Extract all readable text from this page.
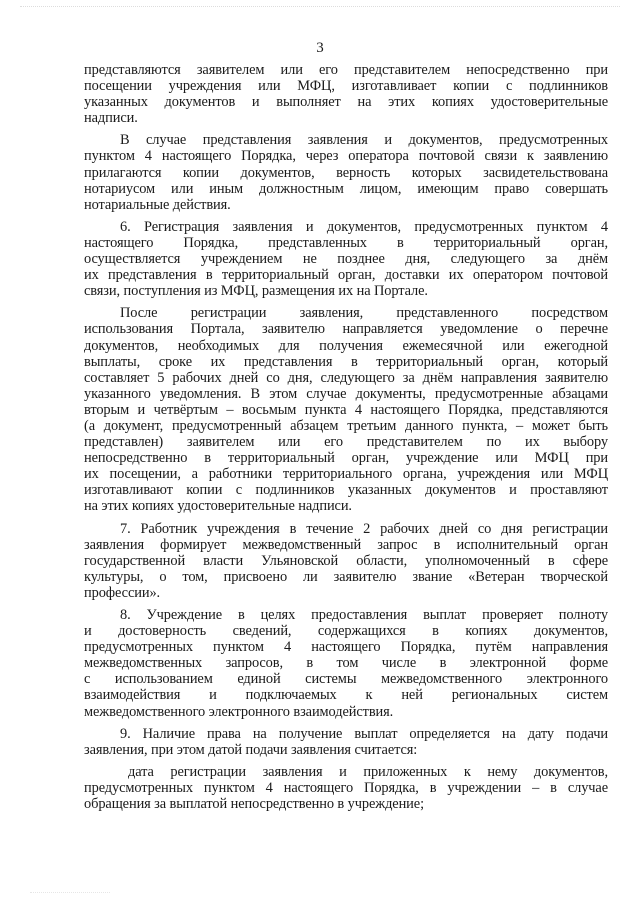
3
представляются заявителем или его представителем непосредственно при
посещении учреждения или МФЦ, изготавливает копии с подлинников
указанных документов и выполняет на этих копиях удостоверительные
надписи.
В случае представления заявления и документов, предусмотренных
пунктом 4 настоящего Порядка, через оператора почтовой связи к заявлению
прилагаются копии документов, верность которых засвидетельствована
нотариусом или иным должностным лицом, имеющим право совершать
нотариальные действия.
6. Регистрация заявления и документов, предусмотренных пунктом 4
настоящего Порядка, представленных в территориальный орган,
осуществляется учреждением не позднее дня, следующего за днём
их представления в территориальный орган, доставки их оператором почтовой
связи, поступления из МФЦ, размещения их на Портале.
После регистрации заявления, представленного посредством
использования Портала, заявителю направляется уведомление о перечне
документов, необходимых для получения ежемесячной или ежегодной
выплаты, сроке их представления в территориальный орган, который
составляет 5 рабочих дней со дня, следующего за днём направления заявителю
указанного уведомления. В этом случае документы, предусмотренные абзацами
вторым и четвёртым – восьмым пункта 4 настоящего Порядка, представляются
(а документ, предусмотренный абзацем третьим данного пункта, – может быть
представлен) заявителем или его представителем по их выбору
непосредственно в территориальный орган, учреждение или МФЦ при
их посещении, а работники территориального органа, учреждения или МФЦ
изготавливают копии с подлинников указанных документов и проставляют
на этих копиях удостоверительные надписи.
7. Работник учреждения в течение 2 рабочих дней со дня регистрации
заявления формирует межведомственный запрос в исполнительный орган
государственной власти Ульяновской области, уполномоченный в сфере
культуры, о том, присвоено ли заявителю звание «Ветеран творческой
профессии».
8. Учреждение в целях предоставления выплат проверяет полноту
и достоверность сведений, содержащихся в копиях документов,
предусмотренных пунктом 4 настоящего Порядка, путём направления
межведомственных запросов, в том числе в электронной форме
с использованием единой системы межведомственного электронного
взаимодействия и подключаемых к ней региональных систем
межведомственного электронного взаимодействия.
9. Наличие права на получение выплат определяется на дату подачи
заявления, при этом датой подачи заявления считается:
дата регистрации заявления и приложенных к нему документов,
предусмотренных пунктом 4 настоящего Порядка, в учреждении – в случае
обращения за выплатой непосредственно в учреждение;
